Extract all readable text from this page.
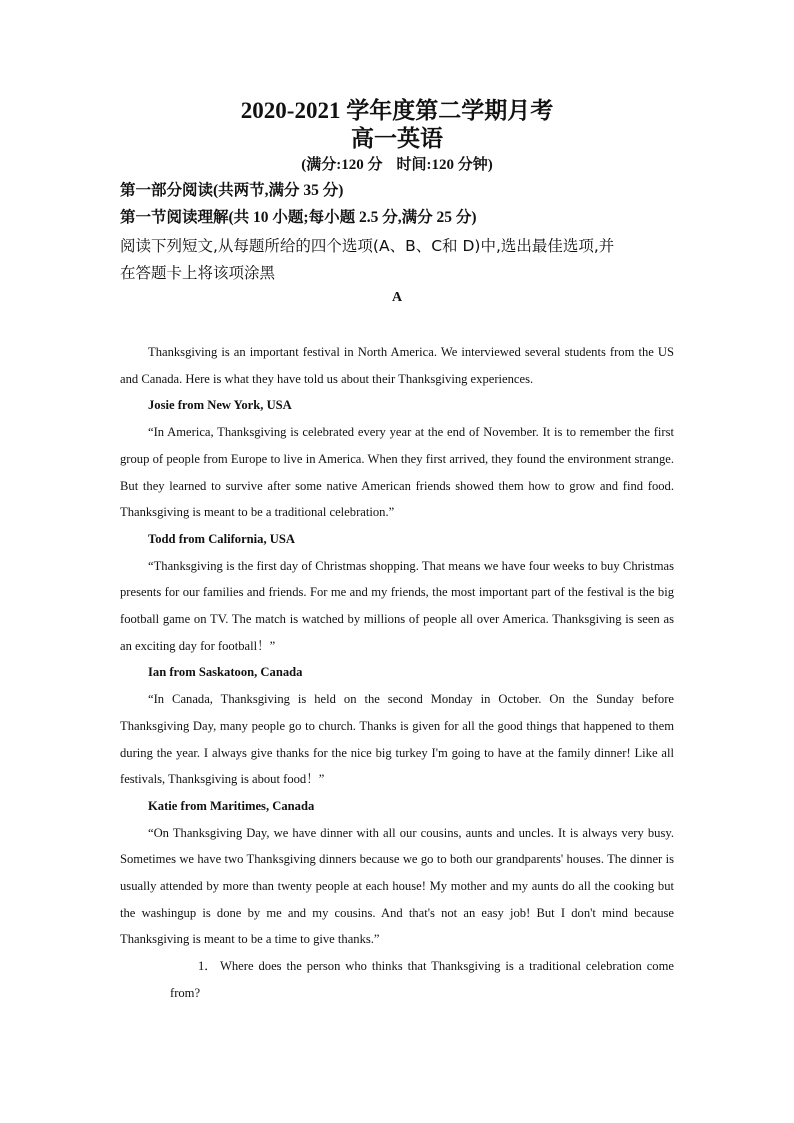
2020-2021 学年度第二学期月考
高一英语
(满分:120 分 时间:120 分钟)
第一部分阅读(共两节,满分 35 分)
第一节阅读理解(共 10 小题;每小题 2.5 分,满分 25 分)
阅读下列短文,从每题所给的四个选项(A、B、C和 D)中,选出最佳选项,并
在答题卡上将该项涂黑
A

Thanksgiving is an important festival in North America. We interviewed several students from the US and Canada. Here is what they have told us about their Thanksgiving experiences.

Josie from New York, USA

“In America, Thanksgiving is celebrated every year at the end of November. It is to remember the first group of people from Europe to live in America. When they first arrived, they found the environment strange. But they learned to survive after some native American friends showed them how to grow and find food. Thanksgiving is meant to be a traditional celebration.”

Todd from California, USA

“Thanksgiving is the first day of Christmas shopping. That means we have four weeks to buy Christmas presents for our families and friends. For me and my friends, the most important part of the festival is the big football game on TV. The match is watched by millions of people all over America. Thanksgiving is seen as an exciting day for football！”

Ian from Saskatoon, Canada

“In Canada, Thanksgiving is held on the second Monday in October. On the Sunday before Thanksgiving Day, many people go to church. Thanks is given for all the good things that happened to them during the year. I always give thanks for the nice big turkey I'm going to have at the family dinner! Like all festivals, Thanksgiving is about food！”

Katie from Maritimes, Canada

“On Thanksgiving Day, we have dinner with all our cousins, aunts and uncles. It is always very busy. Sometimes we have two Thanksgiving dinners because we go to both our grandparents' houses. The dinner is usually attended by more than twenty people at each house! My mother and my aunts do all the cooking but the washingup is done by me and my cousins. And that's not an easy job! But I don't mind because Thanksgiving is meant to be a time to give thanks.”

1． Where does the person who thinks that Thanksgiving is a traditional celebration come from?
